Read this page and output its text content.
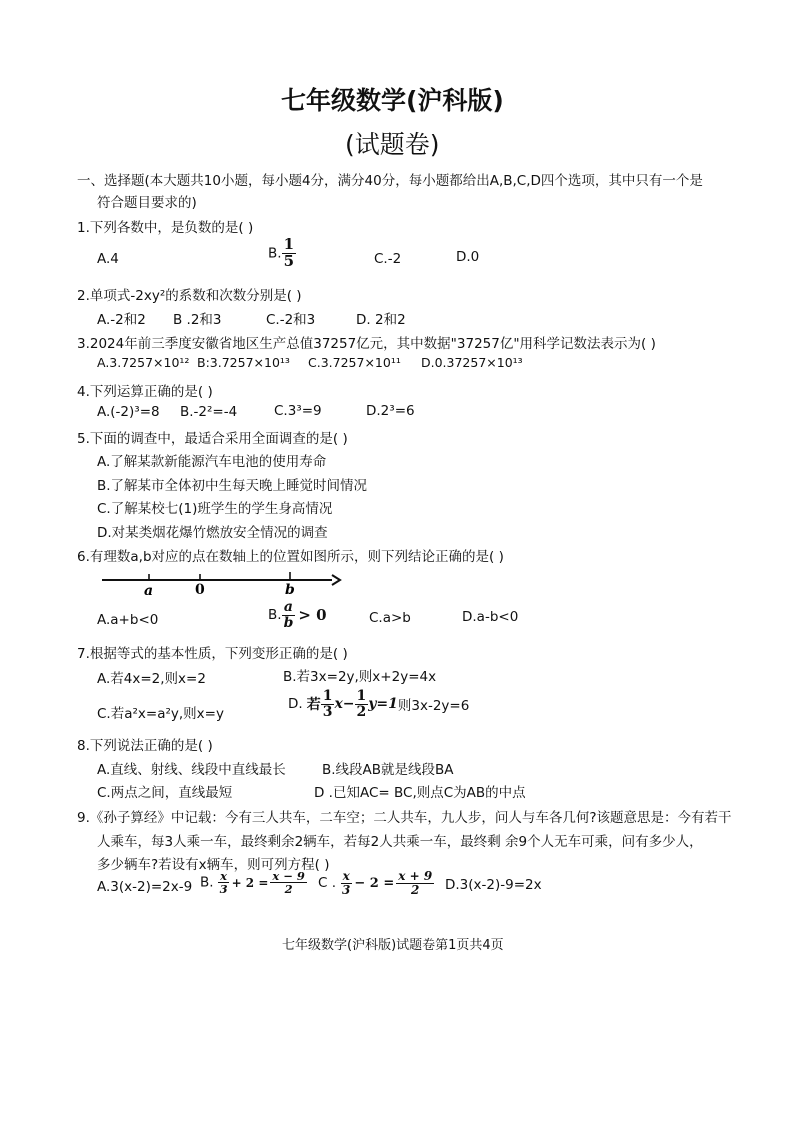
七年级数学(沪科版)
(试题卷)
一、选择题(本大题共10小题，每小题4分，满分40分，每小题都给出A,B,C,D四个选项，其中只有一个是
符合题目要求的)
1.下列各数中，是负数的是( )
A.4	B. $\frac{1}{5}$	C.-2	D.0
2.单项式-2xy²的系数和次数分别是( )
A.-2和2 B .2和3	C.-2和3	D. 2和2
3.2024年前三季度安徽省地区生产总值37257亿元，其中数据"37257亿"用科学记数法表示为( )
A.3.7257×10¹² B:3.7257×10¹³ C.3.7257×10¹¹ D.0.37257×10¹³
4.下列运算正确的是( )
A.(-2)³=8 B.-2²=-4	C.3³=9	D.2³=6
5.下面的调查中，最适合采用全面调查的是( )
A.了解某款新能源汽车电池的使用寿命
B.了解某市全体初中生每天晚上睡觉时间情况
C.了解某校七(1)班学生的学生身高情况
D.对某类烟花爆竹燃放安全情况的调查
6.有理数a,b对应的点在数轴上的位置如图所示，则下列结论正确的是( )
a	0	b
A.a+b<0	B. $\frac{a}{b} > 0$	C.a>b	D.a-b<0
7.根据等式的基本性质，下列变形正确的是( )
A.若4x=2,则x=2	B.若3x=2y,则x+2y=4x
C.若a²x=a²y,则x=y
D. 若 $\frac{1}{3} x- \frac{1}{2} y=1$则3x-2y=6
8.下列说法正确的是( )
A.直线、射线、线段中直线最长	B.线段AB就是线段BA
C.两点之间，直线最短	D .已知AC= BC,则点C为AB的中点
9.《孙子算经》中记载：今有三人共车，二车空；二人共车，九人步，问人与车各几何?该题意思是：今有若干
人乘车，每3人乘一车，最终剩余2辆车，若每2人共乘一车，最终剩 余9个人无车可乘，问有多少人，
多少辆车?若设有x辆车，则可列方程( )
A.3(x-2)=2x-9 B. $\frac{x}{3} + 2 = \frac{x - 9}{2}$ C . $\frac{x}{3} - 2 = \frac{x + 9}{2} D.3(x-2)-9=2x$
七年级数学(沪科版)试题卷第1页共4页
